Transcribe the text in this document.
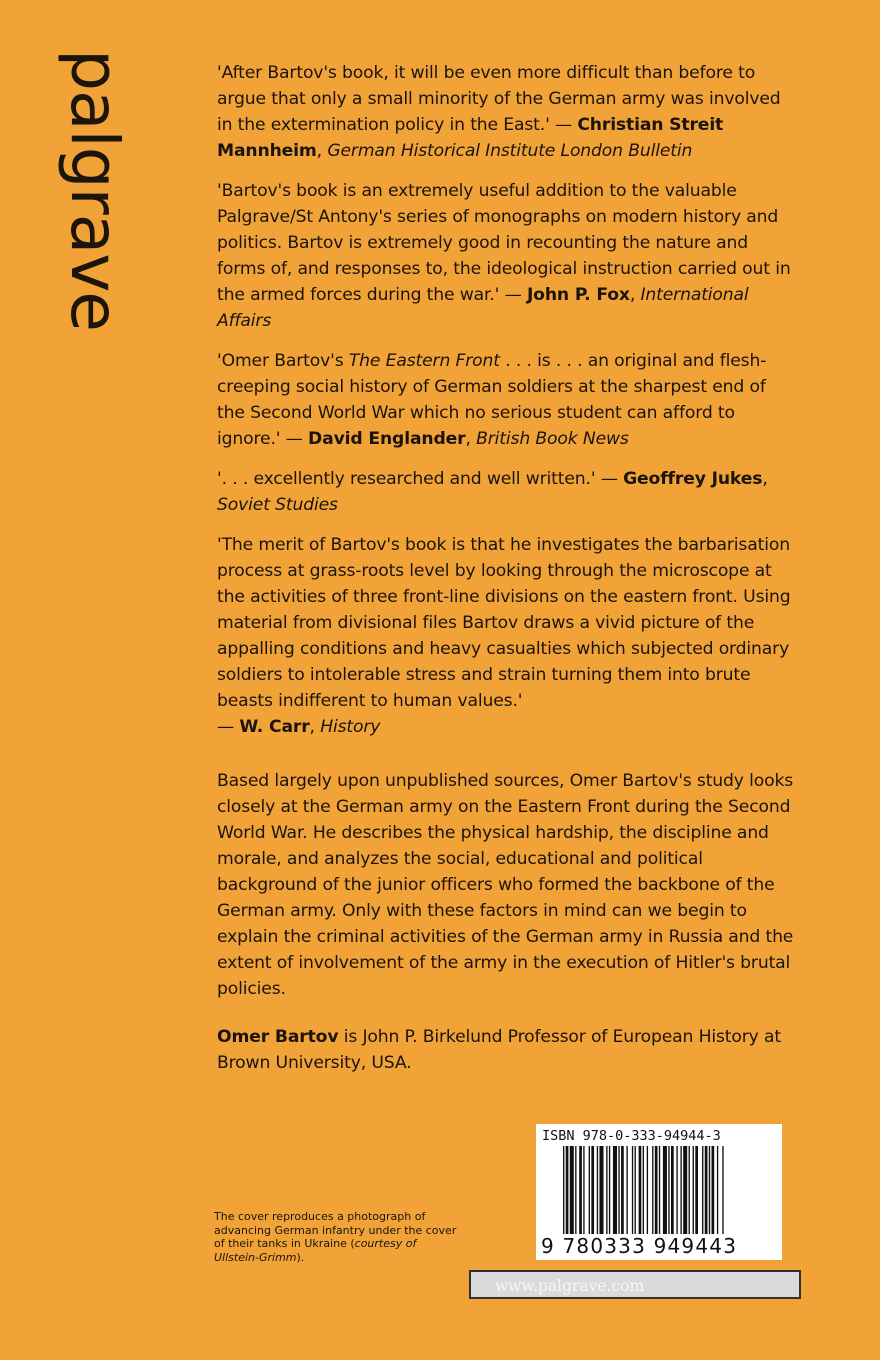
palgrave	'After Bartov's book, it will be even more difficult than before to argue that only a small minority of the German army was involved in the extermination policy in the East.' — Christian Streit Mannheim, German Historical Institute London Bulletin

'Bartov's book is an extremely useful addition to the valuable Palgrave/St Antony's series of monographs on modern history and politics. Bartov is extremely good in recounting the nature and forms of, and responses to, the ideological instruction carried out in the armed forces during the war.' — John P. Fox, International Affairs

'Omer Bartov's The Eastern Front . . . is . . . an original and flesh-creeping social history of German soldiers at the sharpest end of the Second World War which no serious student can afford to ignore.' — David Englander, British Book News

'. . . excellently researched and well written.' — Geoffrey Jukes, Soviet Studies

'The merit of Bartov's book is that he investigates the barbarisation process at grass-roots level by looking through the microscope at the activities of three front-line divisions on the eastern front. Using material from divisional files Bartov draws a vivid picture of the appalling conditions and heavy casualties which subjected ordinary soldiers to intolerable stress and strain turning them into brute beasts indifferent to human values.'
— W. Carr, History

Based largely upon unpublished sources, Omer Bartov's study looks closely at the German army on the Eastern Front during the Second World War. He describes the physical hardship, the discipline and morale, and analyzes the social, educational and political background of the junior officers who formed the backbone of the German army. Only with these factors in mind can we begin to explain the criminal activities of the German army in Russia and the extent of involvement of the army in the execution of Hitler's brutal policies.

Omer Bartov is John P. Birkelund Professor of European History at Brown University, USA.

The cover reproduces a photograph of advancing German infantry under the cover of their tanks in Ukraine (courtesy of Ullstein-Grimm).
ISBN 978-0-333-94944-3
9 780333 949443
www.palgrave.com
